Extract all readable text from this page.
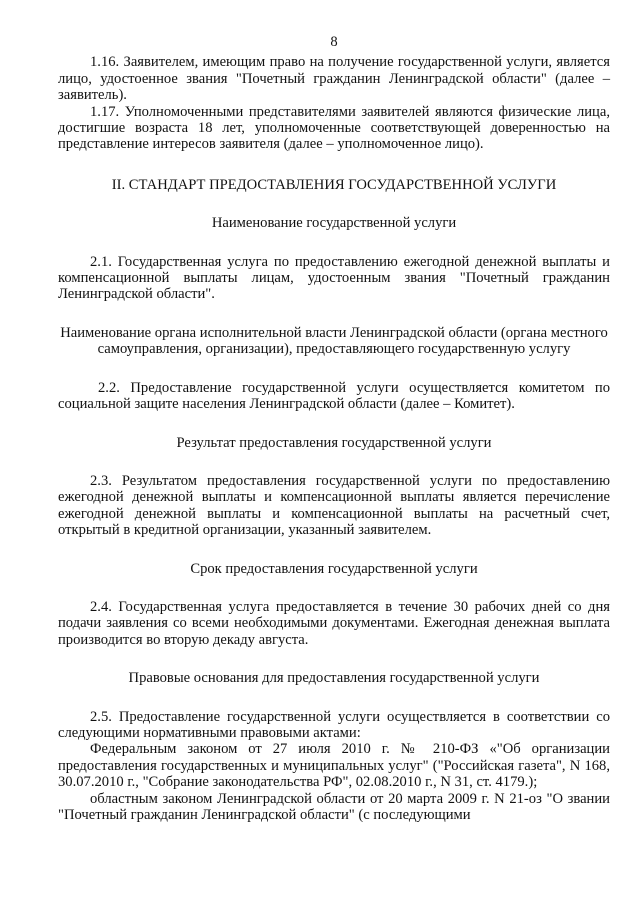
8

1.16. Заявителем, имеющим право на получение государственной услуги, является лицо, удостоенное звания "Почетный гражданин Ленинградской области" (далее – заявитель).

1.17. Уполномоченными представителями заявителей являются физические лица, достигшие возраста 18 лет, уполномоченные соответствующей доверенностью на представление интересов заявителя (далее – уполномоченное лицо).

II. СТАНДАРТ ПРЕДОСТАВЛЕНИЯ ГОСУДАРСТВЕННОЙ УСЛУГИ

Наименование государственной услуги

2.1. Государственная услуга по предоставлению ежегодной денежной выплаты и компенсационной выплаты лицам, удостоенным звания "Почетный гражданин Ленинградской области".

Наименование органа исполнительной власти Ленинградской области (органа местного самоуправления, организации), предоставляющего государственную услугу

2.2. Предоставление государственной услуги осуществляется комитетом по социальной защите населения Ленинградской области (далее – Комитет).

Результат предоставления государственной услуги

2.3. Результатом предоставления государственной услуги по предоставлению ежегодной денежной выплаты и компенсационной выплаты является перечисление ежегодной денежной выплаты и компенсационной выплаты на расчетный счет, открытый в кредитной организации, указанный заявителем.

Срок предоставления государственной услуги

2.4. Государственная услуга предоставляется в течение 30 рабочих дней со дня подачи заявления со всеми необходимыми документами. Ежегодная денежная выплата производится во вторую декаду августа.

Правовые основания для предоставления государственной услуги

2.5. Предоставление государственной услуги осуществляется в соответствии со следующими нормативными правовыми актами:

Федеральным законом от 27 июля 2010 г. № 210-ФЗ «"Об организации предоставления государственных и муниципальных услуг" ("Российская газета", N 168, 30.07.2010 г., "Собрание законодательства РФ", 02.08.2010 г., N 31, ст. 4179.);

областным законом Ленинградской области от 20 марта 2009 г. N 21-оз "О звании "Почетный гражданин Ленинградской области" (с последующими
